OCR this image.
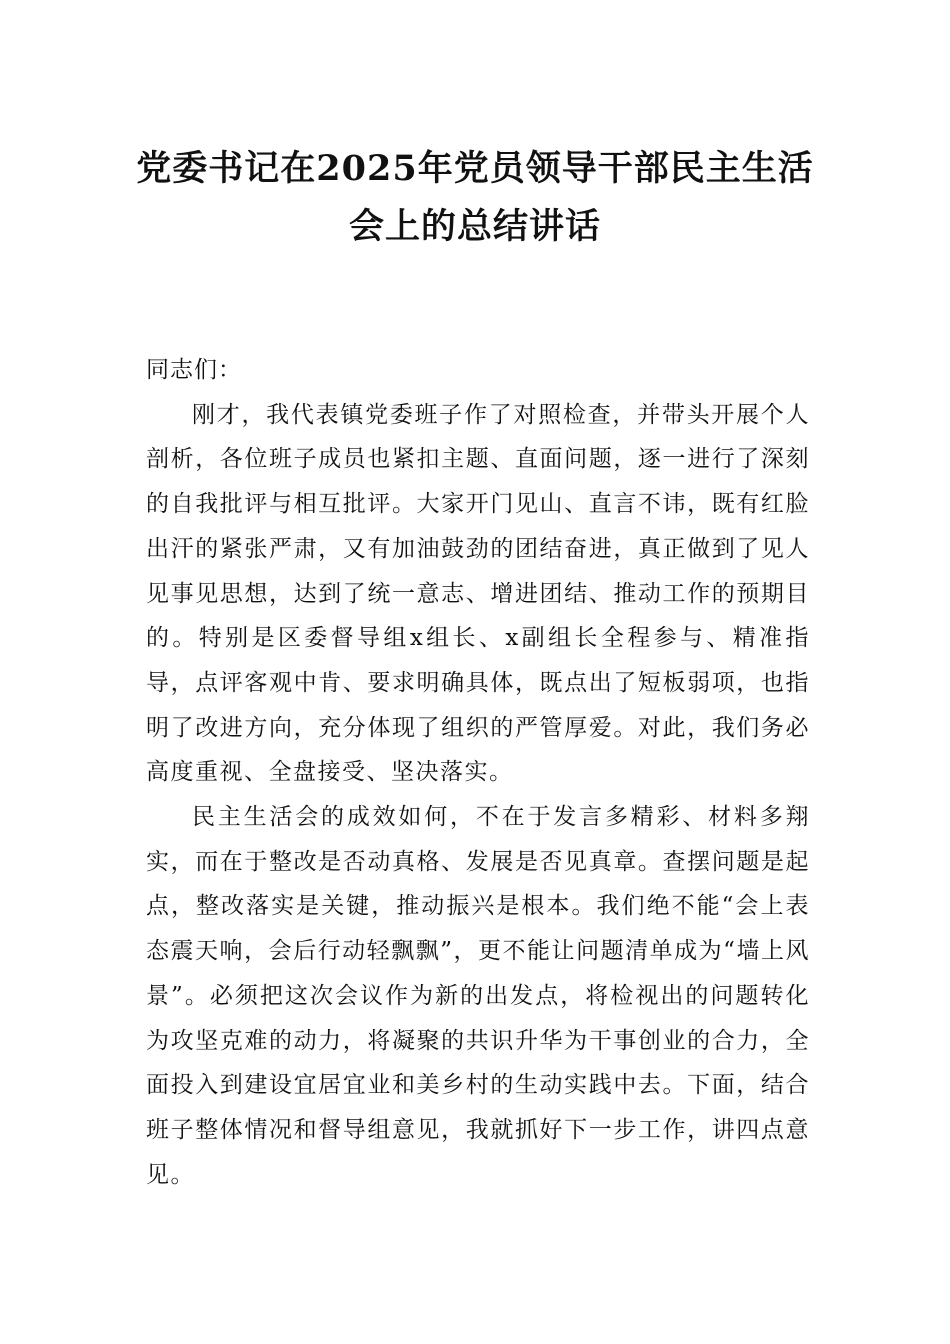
党委书记在2025年党员领导干部民主生活
会上的总结讲话

同志们：

刚才，我代表镇党委班子作了对照检查，并带头开展个人剖析，各位班子成员也紧扣主题、直面问题，逐一进行了深刻的自我批评与相互批评。大家开门见山、直言不讳，既有红脸出汗的紧张严肃，又有加油鼓劲的团结奋进，真正做到了见人见事见思想，达到了统一意志、增进团结、推动工作的预期目的。特别是区委督导组x组长、x副组长全程参与、精准指导，点评客观中肯、要求明确具体，既点出了短板弱项，也指明了改进方向，充分体现了组织的严管厚爱。对此，我们务必高度重视、全盘接受、坚决落实。

民主生活会的成效如何，不在于发言多精彩、材料多翔实，而在于整改是否动真格、发展是否见真章。查摆问题是起点，整改落实是关键，推动振兴是根本。我们绝不能“会上表态震天响，会后行动轻飘飘”，更不能让问题清单成为“墙上风景”。必须把这次会议作为新的出发点，将检视出的问题转化为攻坚克难的动力，将凝聚的共识升华为干事创业的合力，全面投入到建设宜居宜业和美乡村的生动实践中去。下面，结合班子整体情况和督导组意见，我就抓好下一步工作，讲四点意见。
